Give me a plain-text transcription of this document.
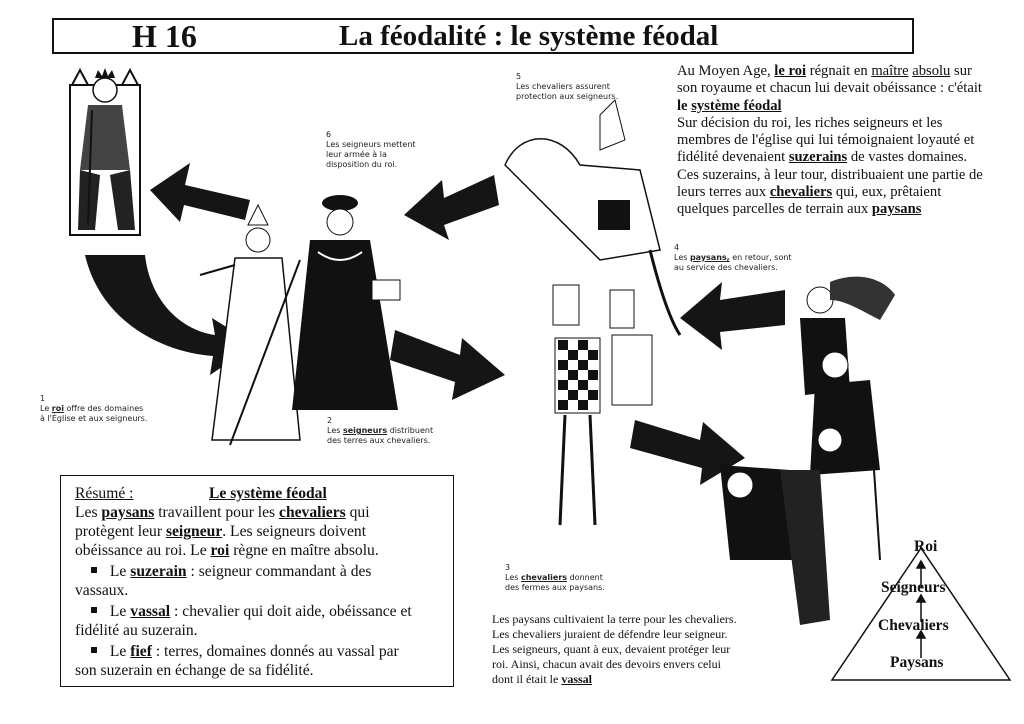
H 16	La féodalité : le système féodal
Au Moyen Age, le roi régnait en maître absolu sur son royaume et chacun lui devait obéissance : c'était
le système féodal
Sur décision du roi, les riches seigneurs et les membres de l'église qui lui témoignaient loyauté et fidélité devenaient suzerains de vastes domaines. Ces suzerains, à leur tour, distribuaient une partie de leurs terres aux chevaliers qui, eux, prêtaient quelques parcelles de terrain aux paysans
1
Le roi offre des domaines
à l'Église et aux seigneurs.	2
Les seigneurs distribuent
des terres aux chevaliers.
3
Les chevaliers donnent
des fermes aux paysans.
4
Les paysans, en retour, sont
au service des chevaliers.
5
Les chevaliers assurent
protection aux seigneurs.
6
Les seigneurs mettent
leur armée à la
disposition du roi.
Résumé :	Le système féodal
Les paysans travaillent pour les chevaliers qui
protègent leur seigneur. Les seigneurs doivent
obéissance au roi. Le roi règne en maître absolu.
Le suzerain : seigneur commandant à des
vassaux.
Le vassal : chevalier qui doit aide, obéissance et
fidélité au suzerain.
Le fief : terres, domaines donnés au vassal par
son suzerain en échange de sa fidélité.
Les paysans cultivaient la terre pour les chevaliers.
Les chevaliers juraient de défendre leur seigneur.
Les seigneurs, quant à eux, devaient protéger leur
roi. Ainsi, chacun avait des devoirs envers celui
dont il était le vassal
Roi
Seigneurs
Chevaliers
Paysans
